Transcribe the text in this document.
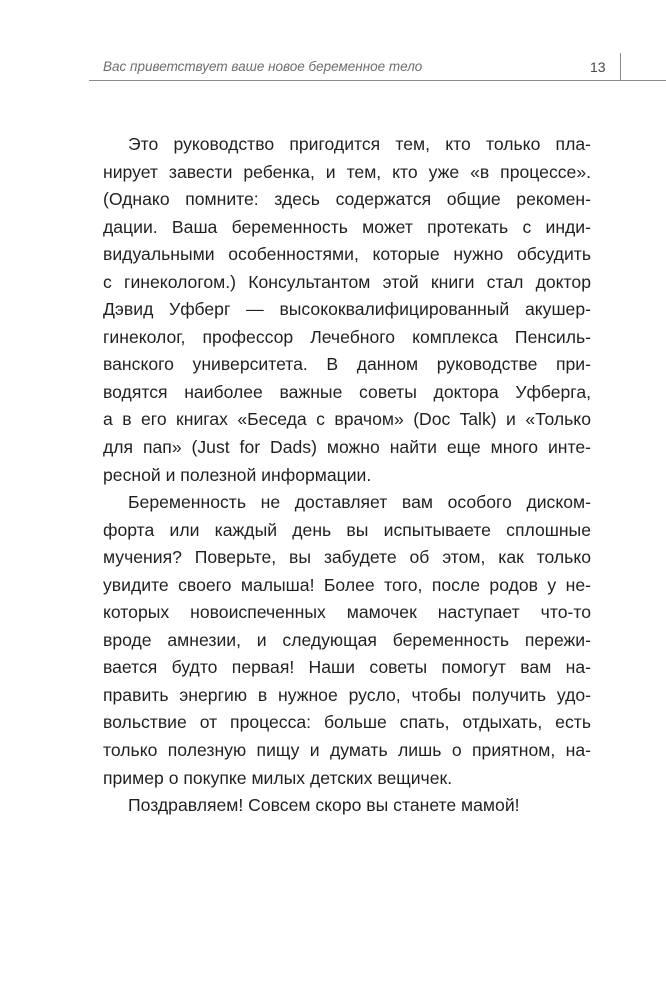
Вас приветствует ваше новое беременное тело	13
Это руководство пригодится тем, кто только пла-
нирует завести ребенка, и тем, кто уже «в процессе».
(Однако помните: здесь содержатся общие рекомен-
дации. Ваша беременность может протекать с инди-
видуальными особенностями, которые нужно обсудить
с гинекологом.) Консультантом этой книги стал доктор
Дэвид Уфберг — высококвалифицированный акушер-
гинеколог, профессор Лечебного комплекса Пенсиль-
ванского университета. В данном руководстве при-
водятся наиболее важные советы доктора Уфберга,
а в его книгах «Беседа с врачом» (Doc Talk) и «Только
для пап» (Just for Dads) можно найти еще много инте-
ресной и полезной информации.
Беременность не доставляет вам особого диском-
форта или каждый день вы испытываете сплошные
мучения? Поверьте, вы забудете об этом, как только
увидите своего малыша! Более того, после родов у не-
которых новоиспеченных мамочек наступает что-то
вроде амнезии, и следующая беременность пережи-
вается будто первая! Наши советы помогут вам на-
править энергию в нужное русло, чтобы получить удо-
вольствие от процесса: больше спать, отдыхать, есть
только полезную пищу и думать лишь о приятном, на-
пример о покупке милых детских вещичек.
Поздравляем! Совсем скоро вы станете мамой!
